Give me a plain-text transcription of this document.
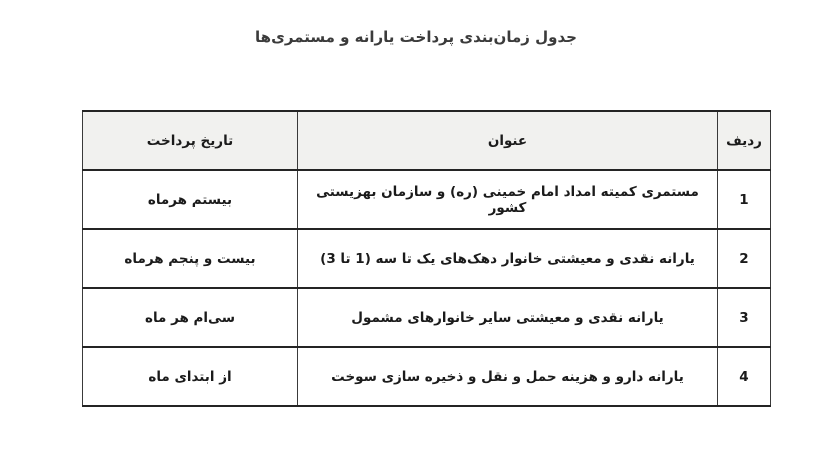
جدول زمان‌بندی پرداخت یارانه و مستمری‌ها
ردیف	عنوان	تاریخ پرداخت
1	مستمری کمیته امداد امام خمینی (ره) و سازمان بهزیستی کشور	بیستم هرماه
2	یارانه نقدی و معیشتی خانوار دهک‌های یک تا سه (1 تا 3)	بیست و پنجم هرماه
3	یارانه نقدی و معیشتی سایر خانوارهای مشمول	سی‌ام هر ماه
4	یارانه دارو و هزینه حمل و نقل و ذخیره سازی سوخت	از ابتدای ماه
